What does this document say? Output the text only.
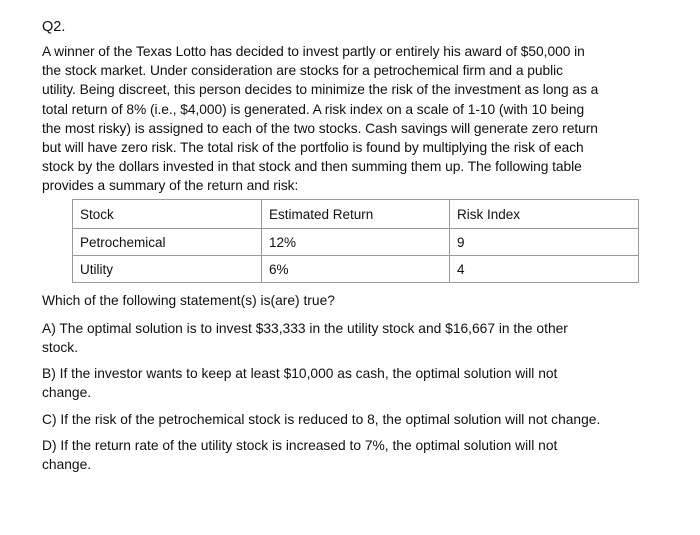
Q2.
A winner of the Texas Lotto has decided to invest partly or entirely his award of $50,000 in
the stock market. Under consideration are stocks for a petrochemical firm and a public
utility. Being discreet, this person decides to minimize the risk of the investment as long as a
total return of 8% (i.e., $4,000) is generated. A risk index on a scale of 1-10 (with 10 being
the most risky) is assigned to each of the two stocks. Cash savings will generate zero return
but will have zero risk. The total risk of the portfolio is found by multiplying the risk of each
stock by the dollars invested in that stock and then summing them up. The following table
provides a summary of the return and risk:
Stock	Estimated Return	Risk Index
Petrochemical	12%	9
Utility	6%	4
Which of the following statement(s) is(are) true?
A) The optimal solution is to invest $33,333 in the utility stock and $16,667 in the other
stock.
B) If the investor wants to keep at least $10,000 as cash, the optimal solution will not
change.
C) If the risk of the petrochemical stock is reduced to 8, the optimal solution will not change.
D) If the return rate of the utility stock is increased to 7%, the optimal solution will not
change.
